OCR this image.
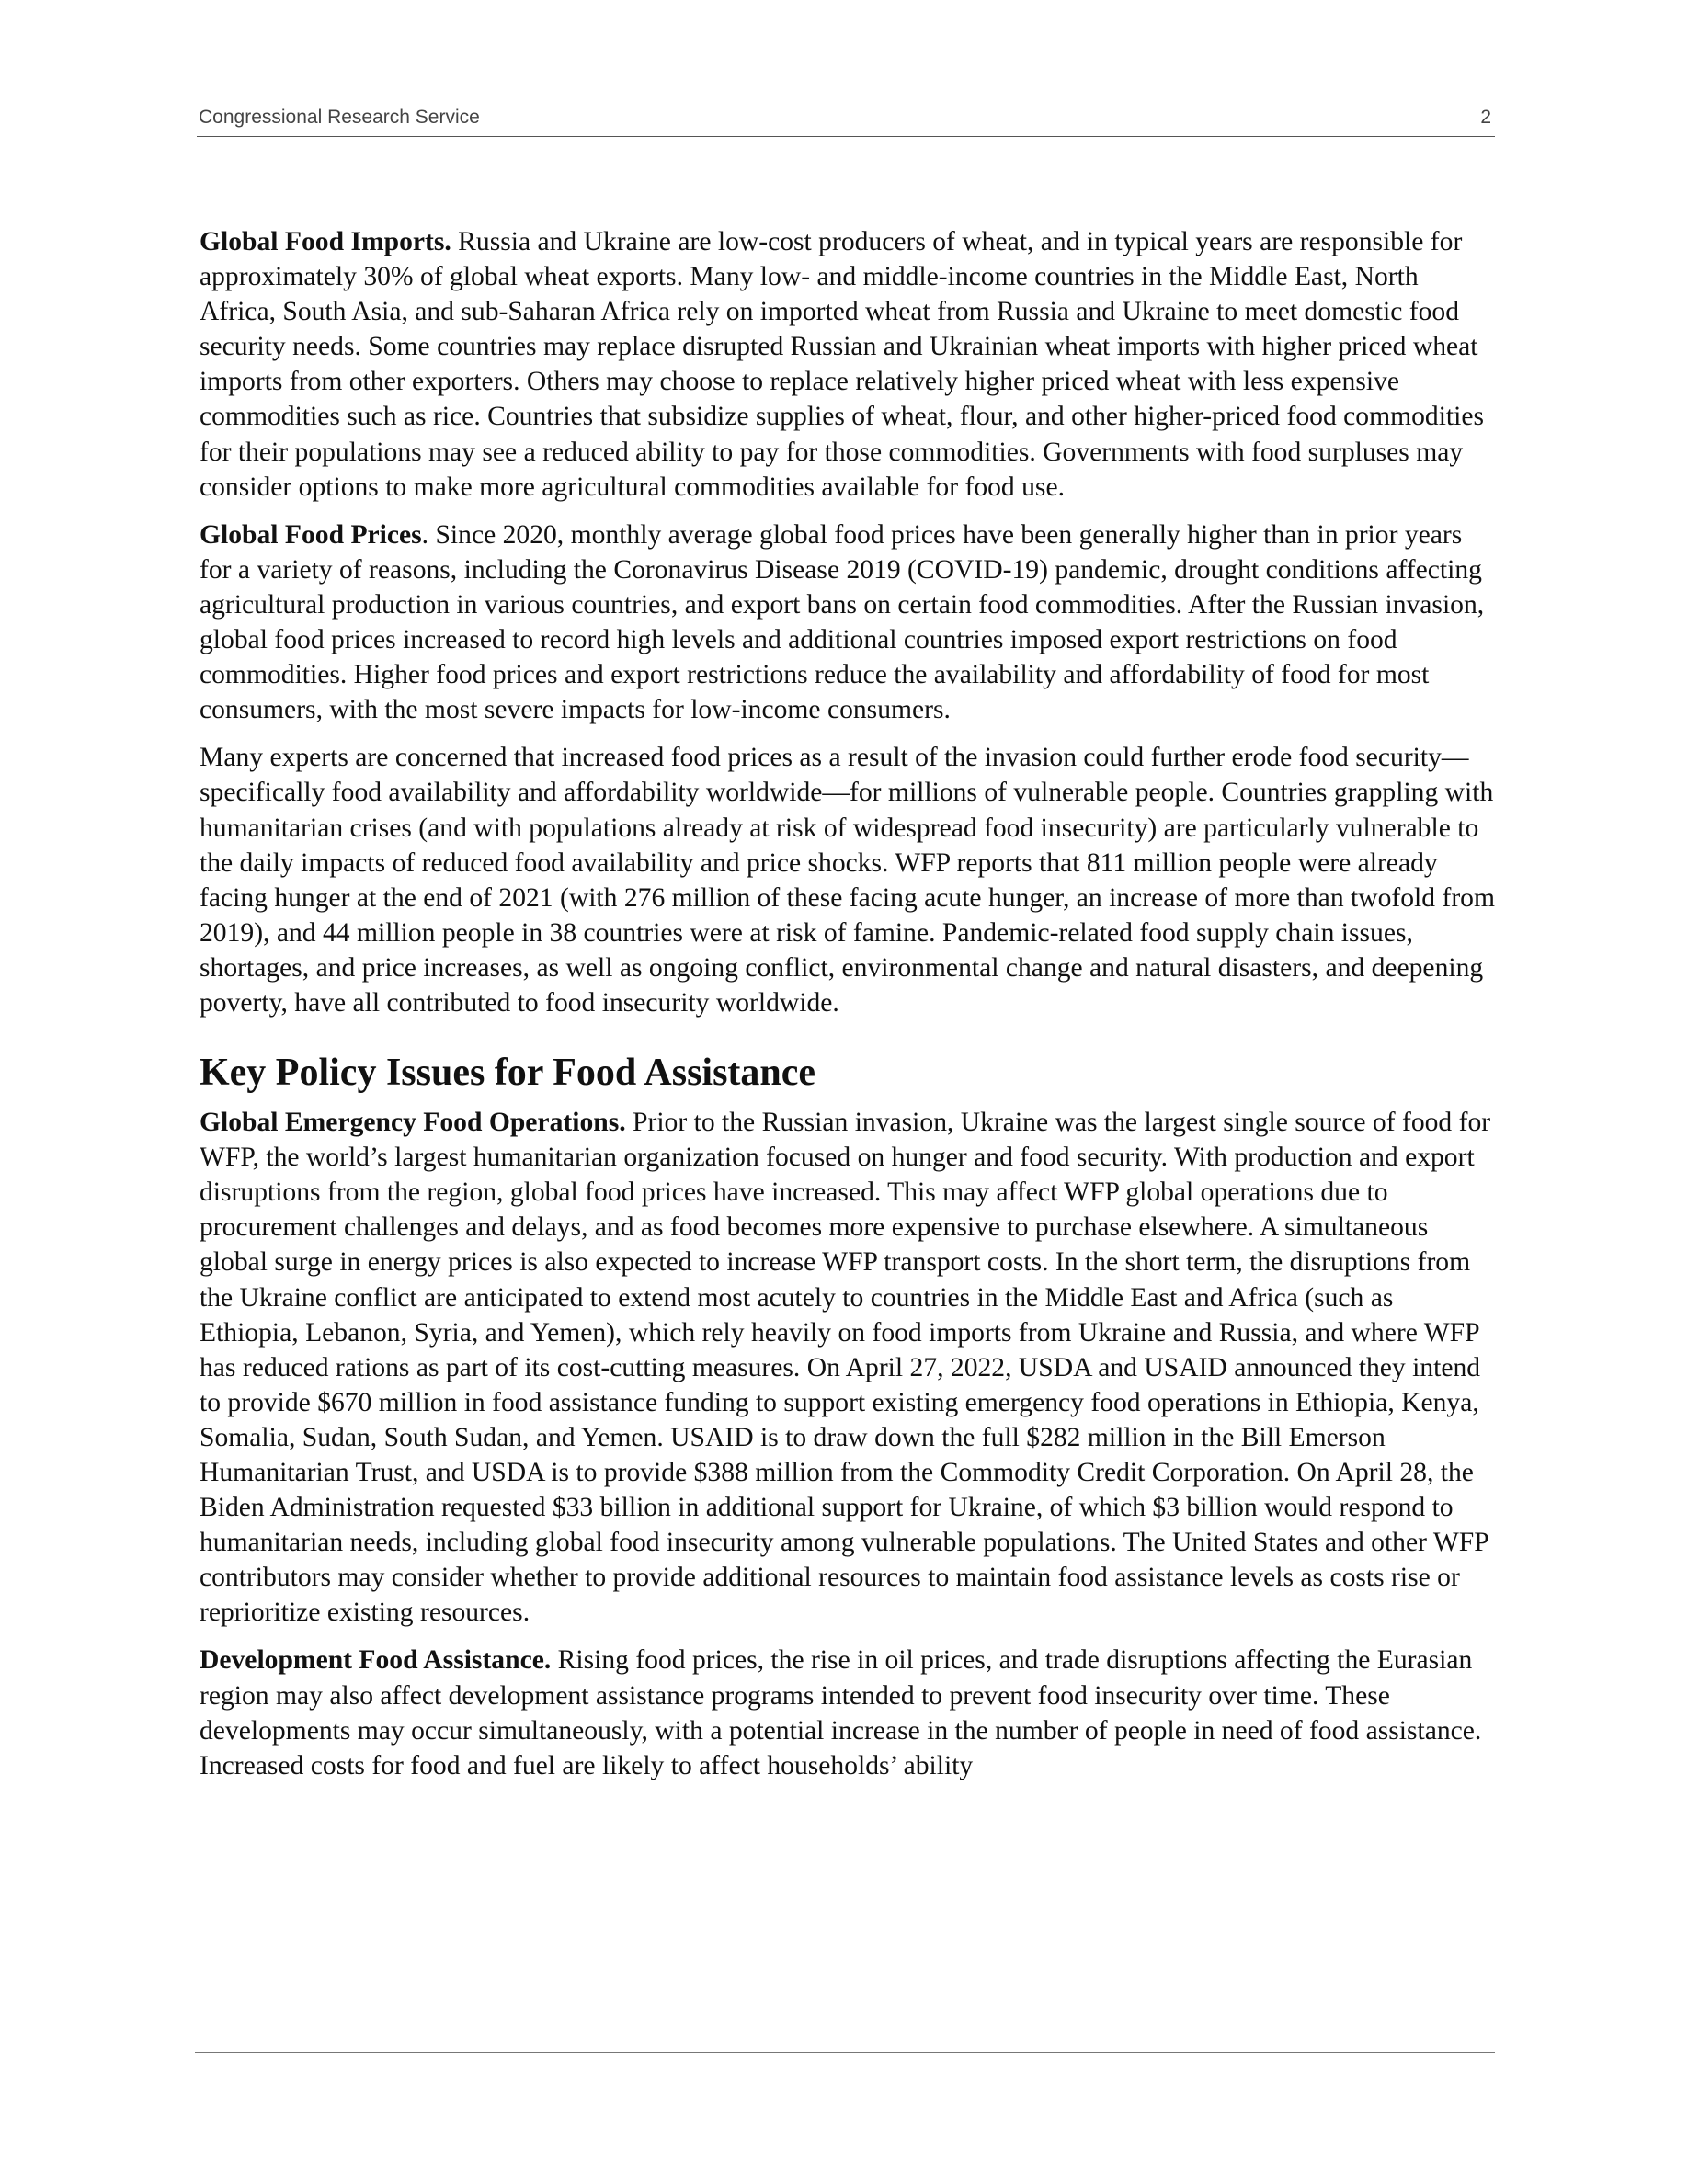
Congressional Research Service	2

Global Food Imports. Russia and Ukraine are low-cost producers of wheat, and in typical years are responsible for approximately 30% of global wheat exports. Many low- and middle-income countries in the Middle East, North Africa, South Asia, and sub-Saharan Africa rely on imported wheat from Russia and Ukraine to meet domestic food security needs. Some countries may replace disrupted Russian and Ukrainian wheat imports with higher priced wheat imports from other exporters. Others may choose to replace relatively higher priced wheat with less expensive commodities such as rice. Countries that subsidize supplies of wheat, flour, and other higher-priced food commodities for their populations may see a reduced ability to pay for those commodities. Governments with food surpluses may consider options to make more agricultural commodities available for food use.

Global Food Prices. Since 2020, monthly average global food prices have been generally higher than in prior years for a variety of reasons, including the Coronavirus Disease 2019 (COVID-19) pandemic, drought conditions affecting agricultural production in various countries, and export bans on certain food commodities. After the Russian invasion, global food prices increased to record high levels and additional countries imposed export restrictions on food commodities. Higher food prices and export restrictions reduce the availability and affordability of food for most consumers, with the most severe impacts for low-income consumers.

Many experts are concerned that increased food prices as a result of the invasion could further erode food security—specifically food availability and affordability worldwide—for millions of vulnerable people. Countries grappling with humanitarian crises (and with populations already at risk of widespread food insecurity) are particularly vulnerable to the daily impacts of reduced food availability and price shocks. WFP reports that 811 million people were already facing hunger at the end of 2021 (with 276 million of these facing acute hunger, an increase of more than twofold from 2019), and 44 million people in 38 countries were at risk of famine. Pandemic-related food supply chain issues, shortages, and price increases, as well as ongoing conflict, environmental change and natural disasters, and deepening poverty, have all contributed to food insecurity worldwide.

Key Policy Issues for Food Assistance

Global Emergency Food Operations. Prior to the Russian invasion, Ukraine was the largest single source of food for WFP, the world’s largest humanitarian organization focused on hunger and food security. With production and export disruptions from the region, global food prices have increased. This may affect WFP global operations due to procurement challenges and delays, and as food becomes more expensive to purchase elsewhere. A simultaneous global surge in energy prices is also expected to increase WFP transport costs. In the short term, the disruptions from the Ukraine conflict are anticipated to extend most acutely to countries in the Middle East and Africa (such as Ethiopia, Lebanon, Syria, and Yemen), which rely heavily on food imports from Ukraine and Russia, and where WFP has reduced rations as part of its cost-cutting measures. On April 27, 2022, USDA and USAID announced they intend to provide $670 million in food assistance funding to support existing emergency food operations in Ethiopia, Kenya, Somalia, Sudan, South Sudan, and Yemen. USAID is to draw down the full $282 million in the Bill Emerson Humanitarian Trust, and USDA is to provide $388 million from the Commodity Credit Corporation. On April 28, the Biden Administration requested $33 billion in additional support for Ukraine, of which $3 billion would respond to humanitarian needs, including global food insecurity among vulnerable populations. The United States and other WFP contributors may consider whether to provide additional resources to maintain food assistance levels as costs rise or reprioritize existing resources.

Development Food Assistance. Rising food prices, the rise in oil prices, and trade disruptions affecting the Eurasian region may also affect development assistance programs intended to prevent food insecurity over time. These developments may occur simultaneously, with a potential increase in the number of people in need of food assistance. Increased costs for food and fuel are likely to affect households’ ability
